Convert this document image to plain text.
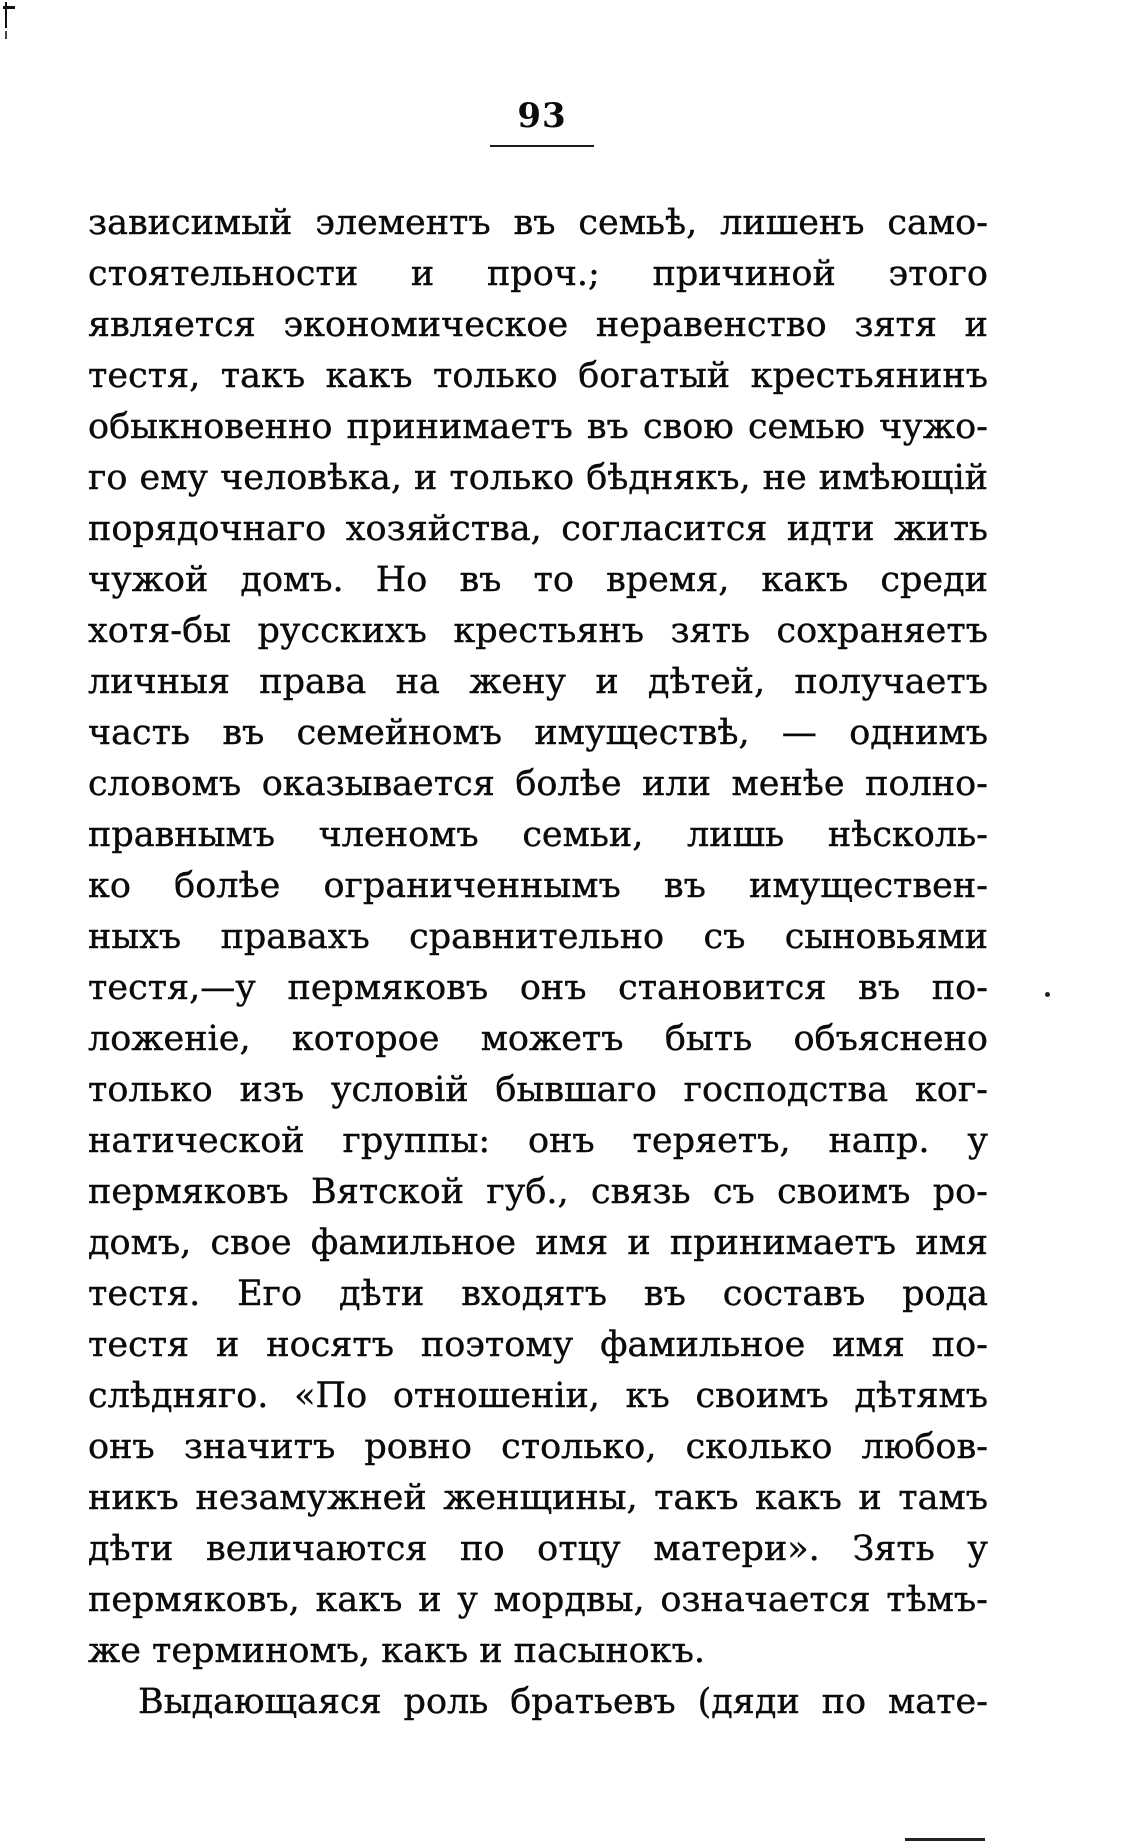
93
зависимый элементъ въ семьѣ, лишенъ само-
стоятельности и проч.; причиной этого
является экономическое неравенство зятя и
тестя, такъ какъ только богатый крестьянинъ
обыкновенно принимаетъ въ свою семью чужо-
го ему человѣка, и только бѣднякъ, не имѣющій
порядочнаго хозяйства, согласится идти жить
чужой домъ. Но въ то время, какъ среди
хотя-бы русскихъ крестьянъ зять сохраняетъ
личныя права на жену и дѣтей, получаетъ
часть въ семейномъ имуществѣ, — однимъ
словомъ оказывается болѣе или менѣе полно-
правнымъ членомъ семьи, лишь нѣсколь-
ко болѣе ограниченнымъ въ имуществен-
ныхъ правахъ сравнительно съ сыновьями
тестя,—у пермяковъ онъ становится въ по-
ложеніе, которое можетъ быть объяснено
только изъ условій бывшаго господства ког-
натической группы: онъ теряетъ, напр. у
пермяковъ Вятской губ., связь съ своимъ ро-
домъ, свое фамильное имя и принимаетъ имя
тестя. Его дѣти входятъ въ составъ рода
тестя и носятъ поэтому фамильное имя по-
слѣдняго. «По отношеніи, къ своимъ дѣтямъ
онъ значитъ ровно столько, сколько любов-
никъ незамужней женщины, такъ какъ и тамъ
дѣти величаются по отцу матери». Зять у
пермяковъ, какъ и у мордвы, означается тѣмъ-
же терминомъ, какъ и пасынокъ.
Выдающаяся роль братьевъ (дяди по мате-
